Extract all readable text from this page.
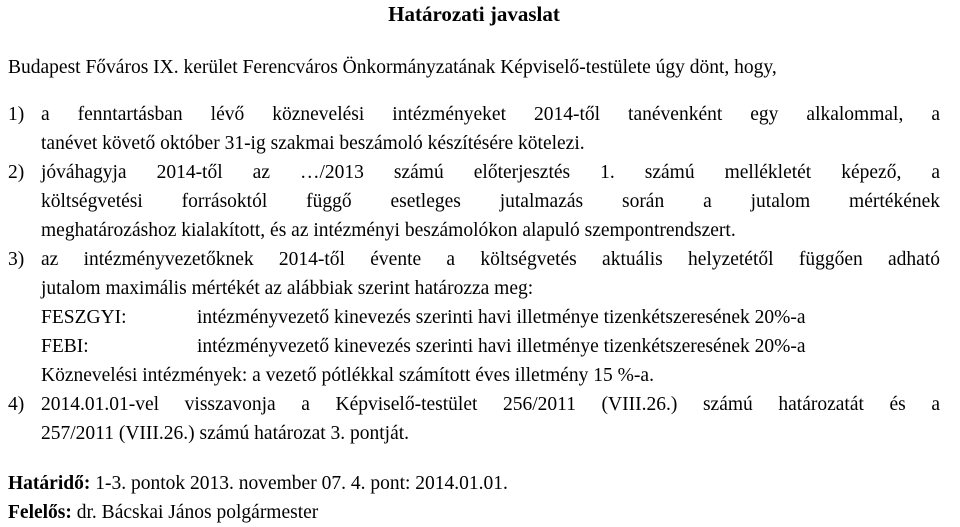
Határozati javaslat

Budapest Főváros IX. kerület Ferencváros Önkormányzatának Képviselő-testülete úgy dönt, hogy,

1) a fenntartásban lévő köznevelési intézményeket 2014-től tanévenként egy alkalommal, a

tanévet követő október 31-ig szakmai beszámoló készítésére kötelezi.

2) jóváhagyja 2014-től az …/2013 számú előterjesztés 1. számú mellékletét képező, a

költségvetési forrásoktól függő esetleges jutalmazás során a jutalom mértékének

meghatározáshoz kialakított, és az intézményi beszámolókon alapuló szempontrendszert.

3) az intézményvezetőknek 2014-től évente a költségvetés aktuális helyzetétől függően adható

jutalom maximális mértékét az alábbiak szerint határozza meg:

FESZGYI:	intézményvezető kinevezés szerinti havi illetménye tizenkétszeresének 20%-a
FEBI:	intézményvezető kinevezés szerinti havi illetménye tizenkétszeresének 20%-a

Köznevelési intézmények: a vezető pótlékkal számított éves illetmény 15 %-a.

4) 2014.01.01-vel visszavonja a Képviselő-testület 256/2011 (VIII.26.) számú határozatát és a

257/2011 (VIII.26.) számú határozat 3. pontját.

Határidő: 1-3. pontok 2013. november 07. 4. pont: 2014.01.01.

Felelős: dr. Bácskai János polgármester
